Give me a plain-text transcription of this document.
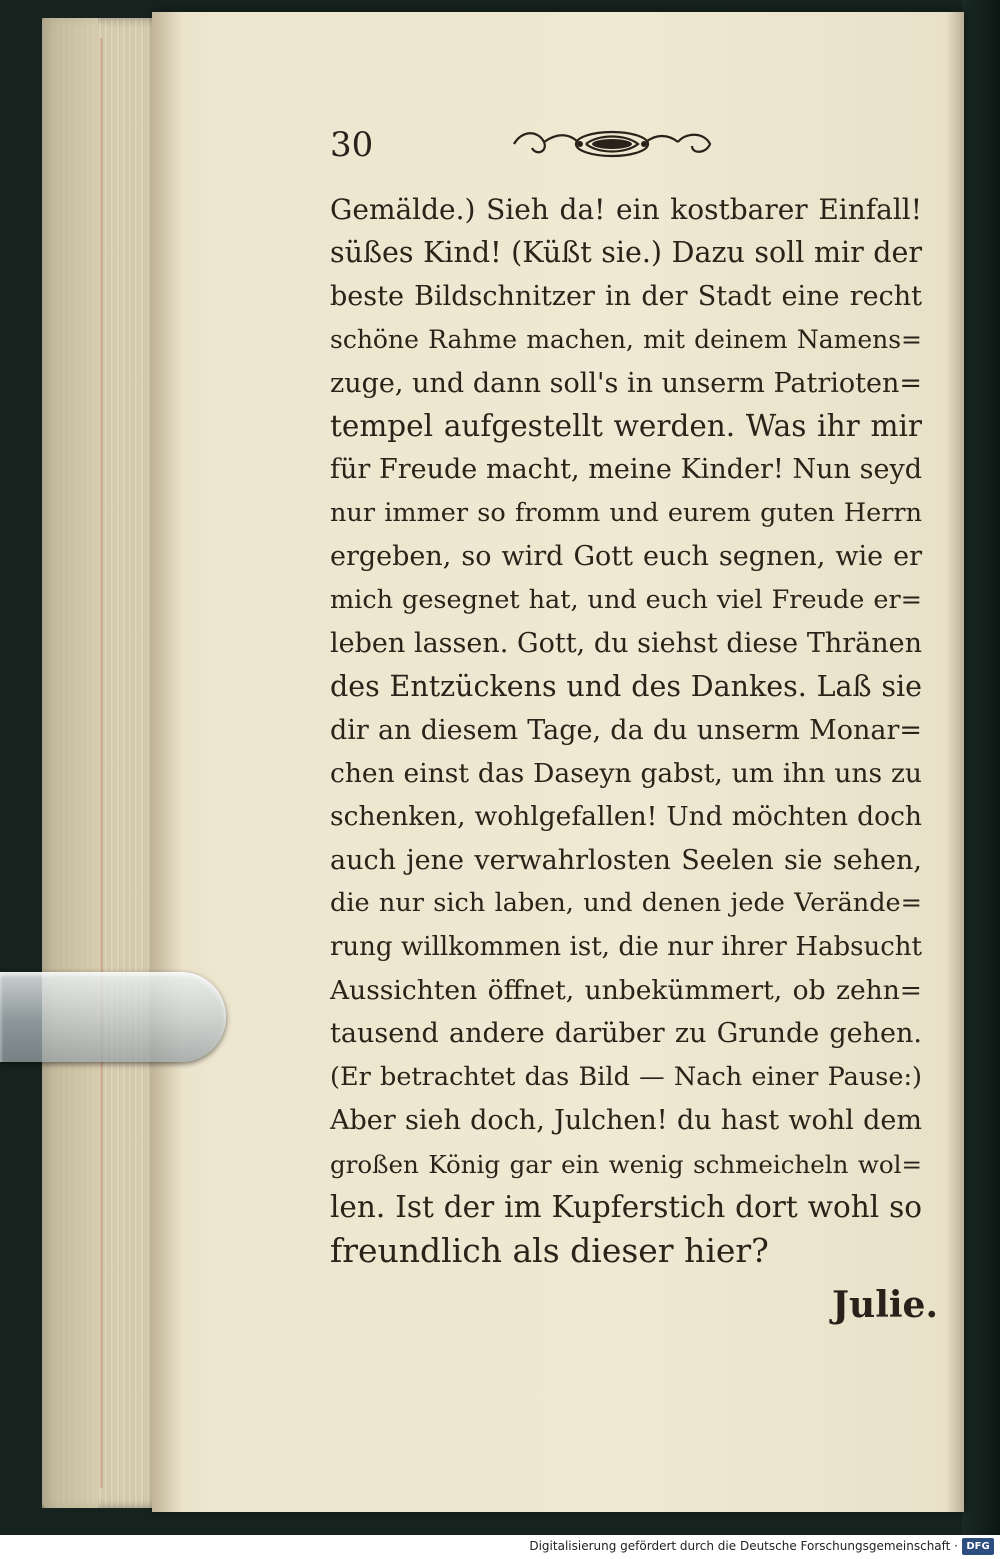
30
Gemälde.) Sieh da! ein kostbarer Einfall!
süßes Kind! (Küßt sie.) Dazu soll mir der
beste Bildschnitzer in der Stadt eine recht
schöne Rahme machen, mit deinem Namens=
zuge, und dann soll's in unserm Patrioten=
tempel aufgestellt werden. Was ihr mir
für Freude macht, meine Kinder! Nun seyd
nur immer so fromm und eurem guten Herrn
ergeben, so wird Gott euch segnen, wie er
mich gesegnet hat, und euch viel Freude er=
leben lassen. Gott, du siehst diese Thränen
des Entzückens und des Dankes. Laß sie
dir an diesem Tage, da du unserm Monar=
chen einst das Daseyn gabst, um ihn uns zu
schenken, wohlgefallen! Und möchten doch
auch jene verwahrlosten Seelen sie sehen,
die nur sich laben, und denen jede Verände=
rung willkommen ist, die nur ihrer Habsucht
Aussichten öffnet, unbekümmert, ob zehn=
tausend andere darüber zu Grunde gehen.
(Er betrachtet das Bild — Nach einer Pause:)
Aber sieh doch, Julchen! du hast wohl dem
großen König gar ein wenig schmeicheln wol=
len. Ist der im Kupferstich dort wohl so
freundlich als dieser hier?
Julie.
Digitalisierung gefördert durch die Deutsche Forschungsgemeinschaft · DFG
